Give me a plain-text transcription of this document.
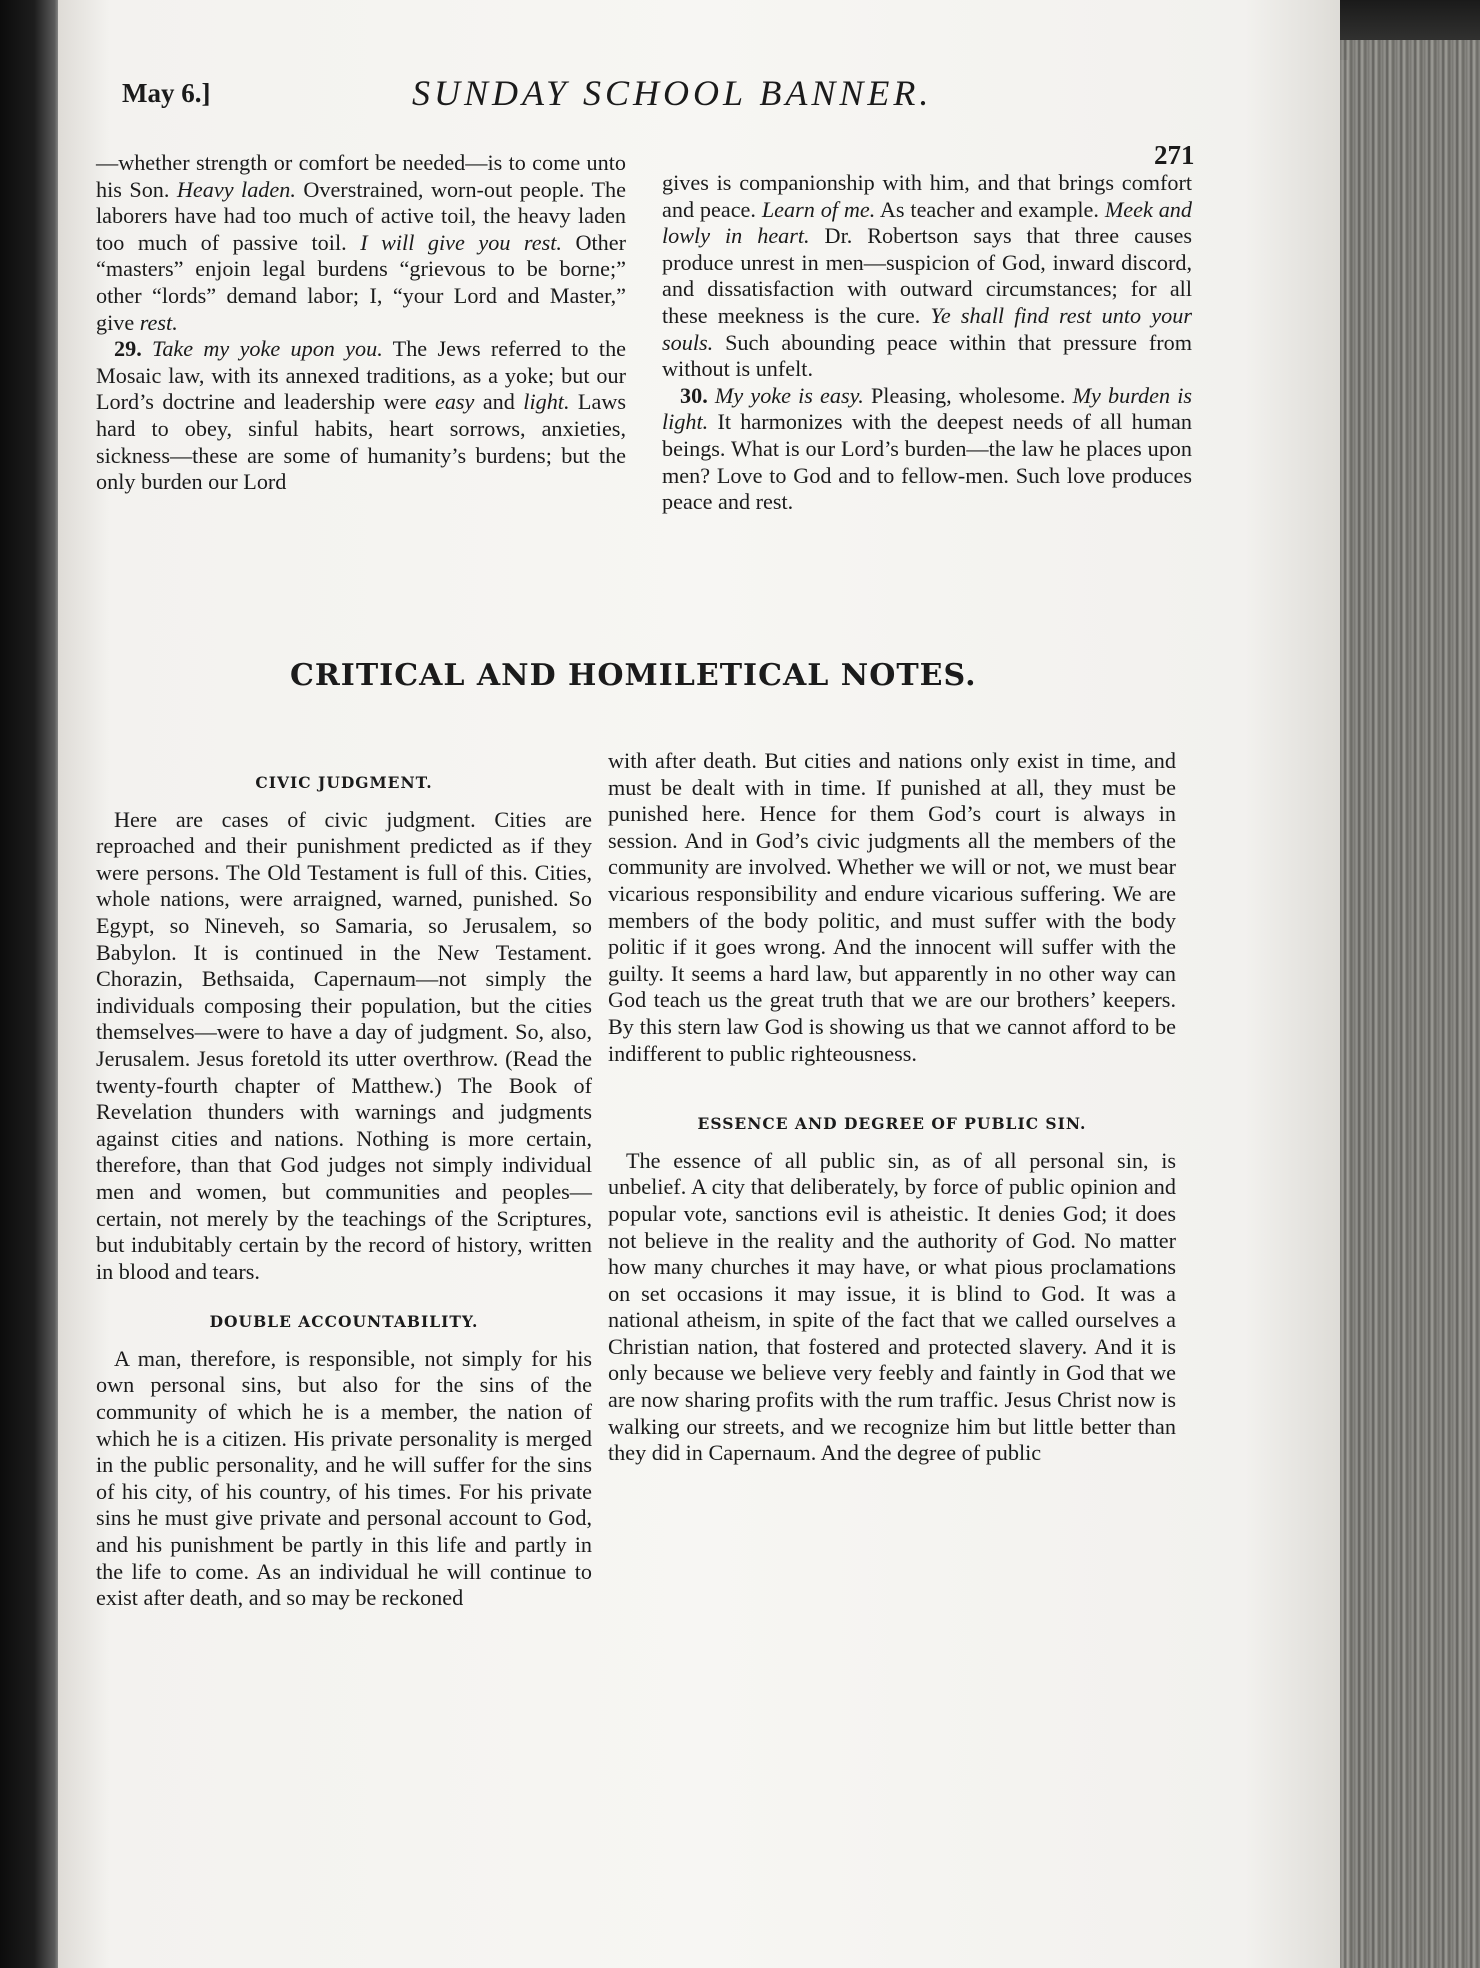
May 6.]	SUNDAY SCHOOL BANNER.
271

—whether strength or comfort be needed—is to come unto his Son. Heavy laden. Overstrained, worn-out people. The laborers have had too much of active toil, the heavy laden too much of passive toil. I will give you rest. Other “masters” enjoin legal burdens “grievous to be borne;” other “lords” demand labor; I, “your Lord and Master,” give rest.

29. Take my yoke upon you. The Jews referred to the Mosaic law, with its annexed traditions, as a yoke; but our Lord’s doctrine and leadership were easy and light. Laws hard to obey, sinful habits, heart sorrows, anxieties, sickness—these are some of humanity’s burdens; but the only burden our Lord

gives is companionship with him, and that brings comfort and peace. Learn of me. As teacher and example. Meek and lowly in heart. Dr. Robertson says that three causes produce unrest in men—suspicion of God, inward discord, and dissatisfaction with outward circumstances; for all these meekness is the cure. Ye shall find rest unto your souls. Such abounding peace within that pressure from without is unfelt.

30. My yoke is easy. Pleasing, wholesome. My burden is light. It harmonizes with the deepest needs of all human beings. What is our Lord’s burden—the law he places upon men? Love to God and to fellow-men. Such love produces peace and rest.

CRITICAL AND HOMILETICAL NOTES.
CIVIC JUDGMENT.

Here are cases of civic judgment. Cities are reproached and their punishment predicted as if they were persons. The Old Testament is full of this. Cities, whole nations, were arraigned, warned, punished. So Egypt, so Nineveh, so Samaria, so Jerusalem, so Babylon. It is continued in the New Testament. Chorazin, Bethsaida, Capernaum—not simply the individuals composing their population, but the cities themselves—were to have a day of judgment. So, also, Jerusalem. Jesus foretold its utter overthrow. (Read the twenty-fourth chapter of Matthew.) The Book of Revelation thunders with warnings and judgments against cities and nations. Nothing is more certain, therefore, than that God judges not simply individual men and women, but communities and peoples—certain, not merely by the teachings of the Scriptures, but indubitably certain by the record of history, written in blood and tears.

DOUBLE ACCOUNTABILITY.

A man, therefore, is responsible, not simply for his own personal sins, but also for the sins of the community of which he is a member, the nation of which he is a citizen. His private personality is merged in the public personality, and he will suffer for the sins of his city, of his country, of his times. For his private sins he must give private and personal account to God, and his punishment be partly in this life and partly in the life to come. As an individual he will continue to exist after death, and so may be reckoned

with after death. But cities and nations only exist in time, and must be dealt with in time. If punished at all, they must be punished here. Hence for them God’s court is always in session. And in God’s civic judgments all the members of the community are involved. Whether we will or not, we must bear vicarious responsibility and endure vicarious suffering. We are members of the body politic, and must suffer with the body politic if it goes wrong. And the innocent will suffer with the guilty. It seems a hard law, but apparently in no other way can God teach us the great truth that we are our brothers’ keepers. By this stern law God is showing us that we cannot afford to be indifferent to public righteousness.

ESSENCE AND DEGREE OF PUBLIC SIN.

The essence of all public sin, as of all personal sin, is unbelief. A city that deliberately, by force of public opinion and popular vote, sanctions evil is atheistic. It denies God; it does not believe in the reality and the authority of God. No matter how many churches it may have, or what pious proclamations on set occasions it may issue, it is blind to God. It was a national atheism, in spite of the fact that we called ourselves a Christian nation, that fostered and protected slavery. And it is only because we believe very feebly and faintly in God that we are now sharing profits with the rum traffic. Jesus Christ now is walking our streets, and we recognize him but little better than they did in Capernaum. And the degree of public
